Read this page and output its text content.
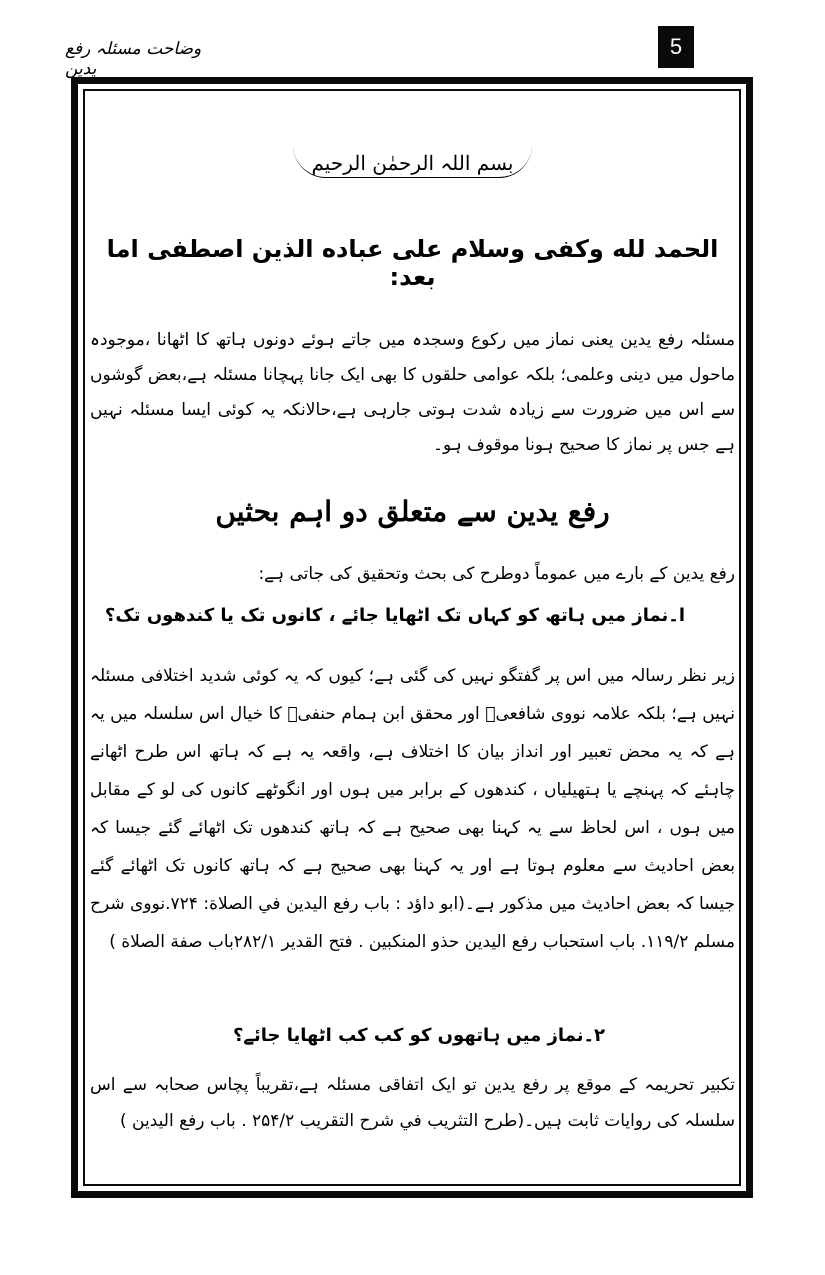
وضاحت مسئلہ رفع یدین
5
بسم اللہ الرحمٰن الرحیم
الحمد لله وكفى وسلام على عباده الذين اصطفى اما بعد:
مسئلہ رفع یدین یعنی نماز میں رکوع وسجدہ میں جاتے ہوئے دونوں ہاتھ کا اٹھانا ،موجودہ ماحول میں دینی وعلمی؛ بلکہ عوامی حلقوں کا بھی ایک جانا پہچانا مسئلہ ہے،بعض گوشوں سے اس میں ضرورت سے زیادہ شدت ہوتی جارہی ہے،حالانکہ یہ کوئی ایسا مسئلہ نہیں ہے جس پر نماز کا صحیح ہونا موقوف ہو۔
رفع یدین سے متعلق دو اہم بحثیں
رفع یدین کے بارے میں عموماً دوطرح کی بحث وتحقیق کی جاتی ہے:
ا۔نماز میں ہاتھ کو کہاں تک اٹھایا جائے ، کانوں تک یا کندھوں تک؟
زیر نظر رسالہ میں اس پر گفتگو نہیں کی گئی ہے؛ کیوں کہ یہ کوئی شدید اختلافی مسئلہ نہیں ہے؛ بلکہ علامہ نووی شافعیؒ اور محقق ابن ہمام حنفیؒ کا خیال اس سلسلہ میں یہ ہے کہ یہ محض تعبیر اور انداز بیان کا اختلاف ہے، واقعہ یہ ہے کہ ہاتھ اس طرح اٹھانے چاہئے کہ پہنچے یا ہتھیلیاں ، کندھوں کے برابر میں ہوں اور انگوٹھے کانوں کی لو کے مقابل میں ہوں ، اس لحاظ سے یہ کہنا بھی صحیح ہے کہ ہاتھ کندھوں تک اٹھائے گئے جیسا کہ بعض احادیث سے معلوم ہوتا ہے اور یہ کہنا بھی صحیح ہے کہ ہاتھ کانوں تک اٹھائے گئے جیسا کہ بعض احادیث میں مذکور ہے۔(ابو داؤد : باب رفع اليدين في الصلاة: ۷۲۴.نووی شرح مسلم ۱۱۹/۲. باب استحباب رفع اليدين حذو المنكبين . فتح القدير ۲۸۲/۱باب صفة الصلاة )
۲۔نماز میں ہاتھوں کو کب کب اٹھایا جائے؟
تکبیر تحریمہ کے موقع پر رفع یدین تو ایک اتفاقی مسئلہ ہے،تقریباً پچاس صحابہ سے اس سلسلہ کی روایات ثابت ہیں۔(طرح التثريب في شرح التقريب ۲۵۴/۲ . باب رفع اليدين )
